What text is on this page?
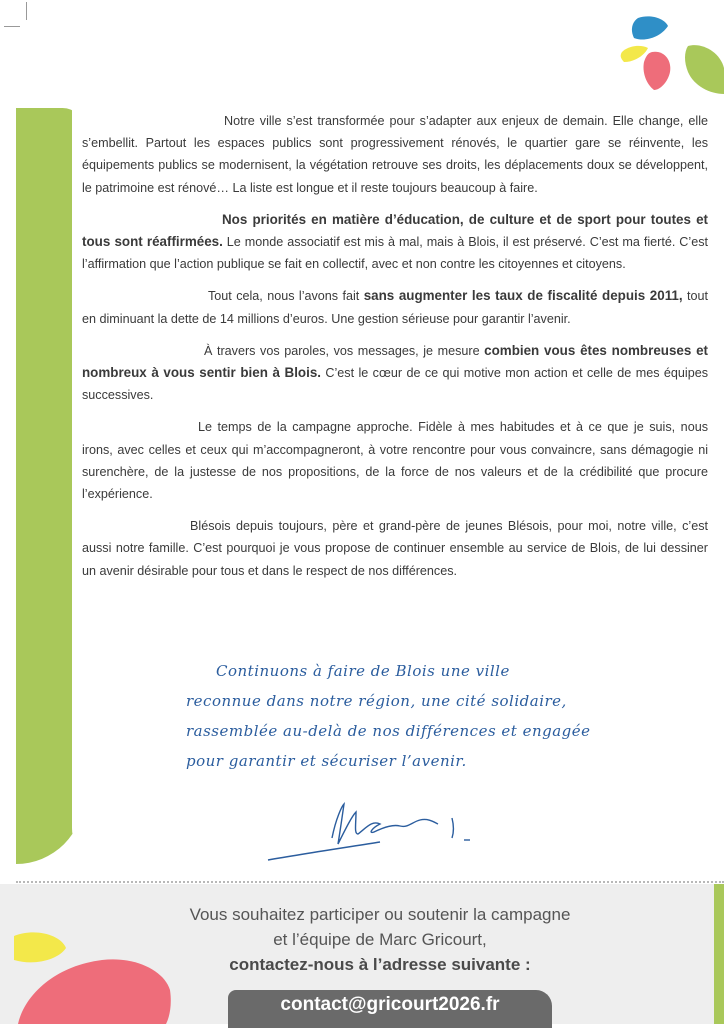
Notre ville s’est transformée pour s’adapter aux enjeux de demain. Elle change, elle s’embellit. Partout les espaces publics sont progressivement rénovés, le quartier gare se réinvente, les équipements publics se modernisent, la végétation retrouve ses droits, les déplacements doux se développent, le patrimoine est rénové… La liste est longue et il reste toujours beaucoup à faire.

Nos priorités en matière d’éducation, de culture et de sport pour toutes et tous sont réaffirmées. Le monde associatif est mis à mal, mais à Blois, il est préservé. C’est ma fierté. C’est l’affirmation que l’action publique se fait en collectif, avec et non contre les citoyennes et citoyens.

Tout cela, nous l’avons fait sans augmenter les taux de fiscalité depuis 2011, tout en diminuant la dette de 14 millions d’euros. Une gestion sérieuse pour garantir l’avenir.

À travers vos paroles, vos messages, je mesure combien vous êtes nombreuses et nombreux à vous sentir bien à Blois. C’est le cœur de ce qui motive mon action et celle de mes équipes successives.

Le temps de la campagne approche. Fidèle à mes habitudes et à ce que je suis, nous irons, avec celles et ceux qui m’accompagneront, à votre rencontre pour vous convaincre, sans démagogie ni surenchère, de la justesse de nos propositions, de la force de nos valeurs et de la crédibilité que procure l’expérience.

Blésois depuis toujours, père et grand-père de jeunes Blésois, pour moi, notre ville, c’est aussi notre famille. C’est pourquoi je vous propose de continuer ensemble au service de Blois, de lui dessiner un avenir désirable pour tous et dans le respect de nos différences.

Continuons à faire de Blois une ville
reconnue dans notre région, une cité solidaire,
rassemblée au-delà de nos différences et engagée
pour garantir et sécuriser l’avenir.
Vous souhaitez participer ou soutenir la campagne
et l’équipe de Marc Gricourt,
contactez-nous à l’adresse suivante :
contact@gricourt2026.fr
